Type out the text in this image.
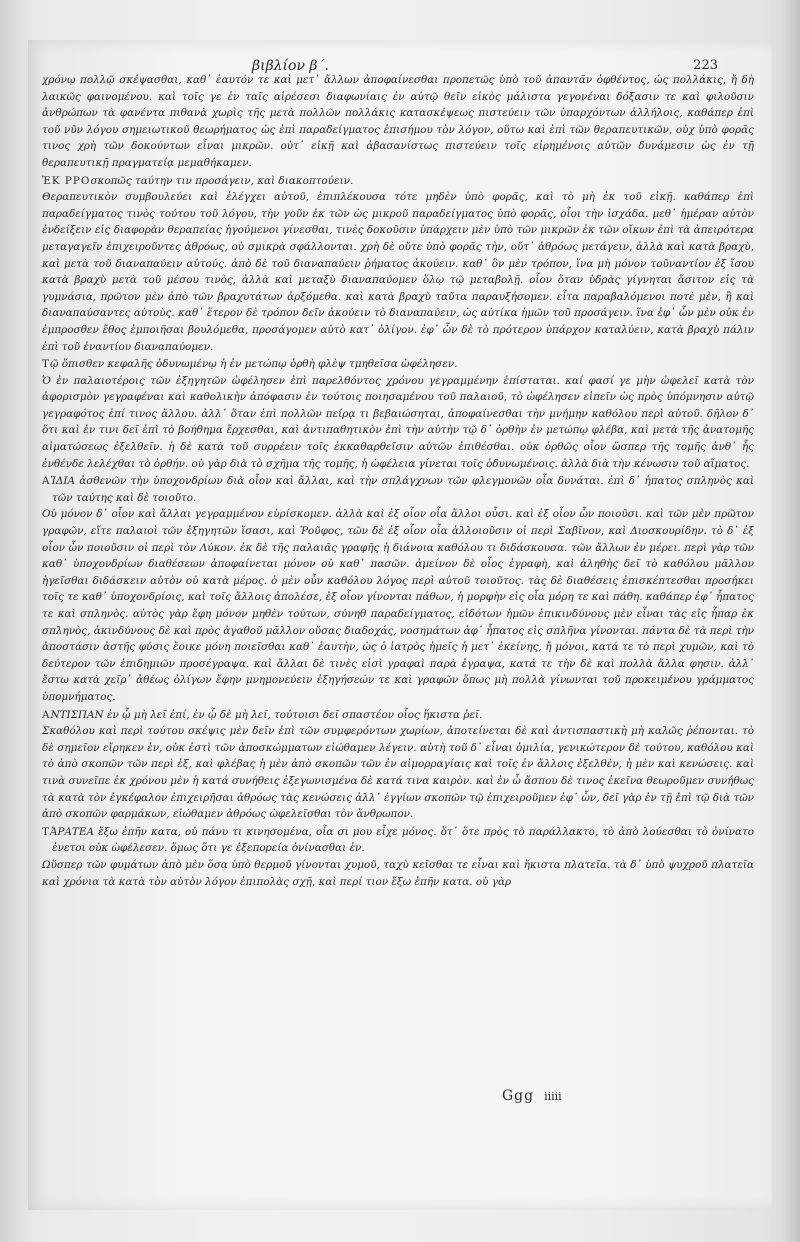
βιβλίον β΄.	223

χρόνῳ πολλῷ σκέψασθαι, καθ᾽ ἑαυτόν τε καὶ μετ᾽ ἄλλων ἀποφαίνεσθαι προπετῶς ὑπὸ τοῦ ἀπαντᾶν ὀφθέντος, ὡς πολλάκις, ἤ δὴ λαικῶς φαινομένου. καὶ τοῖς γε ἐν ταῖς αἱρέσεσι διαφωνίαις ἐν αὐτῷ θεῖν εἰκὸς μάλιστα γεγονέναι δόξασιν τε καὶ φιλοῦσιν ἀνθρώπων τὰ φανέντα πιθανὰ χωρὶς τῆς μετὰ πολλῶν πολλάκις κατασκέψεως πιστεύειν τῶν ὑπαρχόντων ἀλλήλοις, καθάπερ ἐπὶ τοῦ νῦν λόγου σημειωτικοῦ θεωρήματος ὡς ἐπὶ παραδείγματος ἐπισήμου τὸν λόγον, οὕτω καὶ ἐπὶ τῶν θεραπευτικῶν, οὐχ ὑπὸ φορᾶς τινος χρὴ τῶν δοκούντων εἶναι μικρῶν. οὐτ᾽ εἰκῇ καὶ ἀβασανίστως πιστεύειν τοῖς εἰρημένοις αὐτῶν δυνάμεσιν ὡς ἐν τῇ θεραπευτικῇ πραγματείᾳ μεμαθήκαμεν.

ἘΚ ΡΡΟσκοπῶς ταύτην τιν προσάγειν, καὶ διακοπτούειν.

Θεραπευτικὸν συμβουλεύει καὶ ἐλέγχει αὐτοῦ, ἐπιπλέκουσα τότε μηδὲν ὑπὸ φορᾶς, καὶ τὸ μὴ ἐκ τοῦ εἰκῇ. καθάπερ ἐπὶ παραδείγματος τινὸς τούτου τοῦ λόγου, τὴν γοῦν ἐκ τῶν ὡς μικροῦ παραδείγματος ὑπὸ φορᾶς, οἷοι τὴν ἰσχάδα. μεθ᾽ ἡμέραν αὐτὸν ἐνδείξειν εἰς διαφορὰν θεραπείας ἡγούμενοι γίνεσθαι, τινὲς δοκοῦσιν ὑπάρχειν μὲν ὑπὸ τῶν μικρῶν ἐκ τῶν οἴκων ἐπὶ τὰ ἀπειρότερα μεταγαγεῖν ἐπιχειροῦντες ἀθρόως, οὐ σμικρὰ σφάλλονται. χρὴ δὲ οὔτε ὑπὸ φορᾶς τὴν, οὔτ᾽ ἀθρόως μετάγειν, ἀλλὰ καὶ κατὰ βραχὺ, καὶ μετὰ τοῦ διαναπαύειν αὐτούς. ἀπὸ δὲ τοῦ διαναπαύειν ῥήματος ἀκούειν. καθ᾽ ὃν μὲν τρόπον, ἵνα μὴ μόνον τοῦναντίον ἐξ ἴσου κατὰ βραχὺ μετὰ τοῦ μέσου τινὸς, ἀλλὰ καὶ μεταξὺ διαναπαύομεν ὅλῳ τῷ μεταβολῇ. οἷον ὅταν ὑδρὰς γίγνηται ἄσιτον εἰς τὰ γυμνάσια, πρῶτον μὲν ἀπὸ τῶν βραχυτάτων ἀρξόμεθα. καὶ κατὰ βραχὺ ταῦτα παραυξήσομεν. εἶτα παραβαλόμενοι ποτὲ μὲν, ἢ καὶ διαναπαύσαντες αὐτοὺς. καθ᾽ ἕτερον δὲ τρόπον δεῖν ἀκούειν τὸ διαναπαύειν, ὡς αὐτίκα ἡμῶν τοῦ προσάγειν. ἵνα ἐφ᾽ ὧν μὲν οὐκ ἐν ἐμπροσθεν ἔθος ἐμποιῆσαι βουλόμεθα, προσάγομεν αὐτὸ κατ᾽ ὀλίγον. ἐφ᾽ ὧν δὲ τὸ πρότερον ὑπάρχον καταλύειν, κατὰ βραχὺ πάλιν ἐπὶ τοῦ ἐναντίου διαναπαύομεν.

Τῷ ὄπισθεν κεφαλῆς ὀδυνωμένῳ ἡ ἐν μετώπῳ ὀρθὴ φλὲψ τμηθεῖσα ὠφέλησεν.

Ὁ ἐν παλαιοτέροις τῶν ἐξηγητῶν ὠφέλησεν ἐπὶ παρελθόντος χρόνου γεγραμμένην ἐπίσταται. καί φασί γε μὴν ὠφελεῖ κατὰ τὸν ἀφορισμὸν γεγραφέναι καὶ καθολικὴν ἀπόφασιν ἐν τούτοις ποιησαμένου τοῦ παλαιοῦ, τὸ ὠφέλησεν εἰπεῖν ὡς πρὸς ὑπόμνησιν αὐτῷ γεγραφότος ἐπί τινος ἄλλου. ἀλλ᾽ ὅταν ἐπὶ πολλῶν πείρᾳ τι βεβαιώσηται, ἀποφαίνεσθαι τὴν μνήμην καθόλου περὶ αὐτοῦ. δῆλον δ᾽ ὅτι καὶ ἐν τινι δεῖ ἐπὶ τὸ βοήθημα ἔρχεσθαι, καὶ ἀντιπαθητικὸν ἐπὶ τὴν αὐτὴν τῷ δ᾽ ὀρθὴν ἐν μετώπῳ φλέβα, καὶ μετὰ τῆς ἀνατομῆς αἰματώσεως ἐξελθεῖν. ἡ δὲ κατὰ τοῦ συρρέειν τοῖς ἐκκαθαρθεῖσιν αὐτῶν ἐπιθέσθαι. οὐκ ὀρθῶς οἷον ὥσπερ τῆς τομῆς ἀνθ᾽ ἧς ἐνθένδε λελέχθαι τὸ ὀρθήν. οὐ γὰρ διὰ τὸ σχῆμα τῆς τομῆς, ἡ ὠφέλεια γίνεται τοῖς ὀδυνωμένοις. ἀλλὰ διὰ τὴν κένωσιν τοῦ αἵματος.

ΑἹΔΙΑ ἀσθενῶν τὴν ὑποχονδρίων διὰ οἷον καὶ ἄλλαι, καὶ τὴν σπλάγχνων τῶν φλεγμονῶν οἷα δυνάται. ἐπὶ δ᾽ ἠπατος σπληνὸς καὶ τῶν ταύτης καὶ δὲ τοιοῦτο.

Οὐ μόνον δ᾽ οἷον καὶ ἄλλαι γεγραμμένον εὑρίσκομεν. ἀλλὰ καὶ ἐξ οἷον οἷα ἄλλοι οὖσι. καὶ ἐξ οἷον ὧν ποιοῦσι. καὶ τῶν μὲν πρῶτον γραφῶν, εἴτε παλαιοὶ τῶν ἐξηγητῶν ἴσασι, καὶ Ῥοῦφος, τῶν δὲ ἐξ οἷον οἷα ἀλλοιοῦσιν οἱ περὶ Σαβῖνον, καὶ Διοσκουρίδην. τὸ δ᾽ ἐξ οἷον ὧν ποιοῦσιν οἱ περὶ τὸν Λύκον. ἐκ δὲ τῆς παλαιᾶς γραφῆς ἡ διάνοια καθόλου τι διδάσκουσα. τῶν ἄλλων ἐν μέρει. περὶ γὰρ τῶν καθ᾽ ὑποχονδρίων διαθέσεων ἀποφαίνεται μόνον οὐ καθ᾽ πασῶν. ἀμείνον δὲ οἷος ἐγραφὴ, καὶ ἀληθὴς δεῖ τὸ καθόλου μᾶλλον ἡγεῖσθαι διδάσκειν αὐτὸν οὐ κατὰ μέρος. ὁ μὲν οὖν καθόλου λόγος περὶ αὐτοῦ τοιοῦτος. τὰς δὲ διαθέσεις ἐπισκέπτεσθαι προσήκει τοῖς τε καθ᾽ ὑποχονδρίοις, καὶ τοῖς ἄλλοις ἀπολέσε, ἐξ οἷον γίνονται πάθων, ἡ μορφὴν εἰς οἷα μόρη τε καὶ πάθη. καθάπερ ἐφ᾽ ἧπατος τε καὶ σπληνὸς. αὐτὸς γὰρ ἔφη μόνον μηθὲν τούτων, σύνηθ παραδείγματος, εἰδότων ἡμῶν ἐπικινδύνους μὲν εἶναι τὰς εἰς ἧπαρ ἐκ σπληνὸς, ἀκινδύνους δὲ καὶ πρὸς ἀγαθοῦ μᾶλλον οὔσας διαδοχάς, νοσημάτων ἀφ᾽ ἧπατος εἰς σπλῆνα γίνονται. πάντα δὲ τὰ περὶ τὴν ἀποστάσιν ἀστῆς φύσις ἔοικε μόνη ποιεῖσθαι καθ᾽ ἑαυτὴν, ὡς ὁ ἰατρὸς ἡμεῖς ἡ μετ᾽ ἐκείνης, ἤ μόνοι, κατά τε τὸ περὶ χυμῶν, καὶ τὸ δεύτερον τῶν ἐπιδημιῶν προσέγραψα. καὶ ἄλλαι δὲ τινὲς εἰσὶ γραφαὶ παρὰ ἐγραψα, κατά τε τὴν δὲ καὶ πολλὰ ἄλλα φησιν. ἀλλ᾽ ἔστω κατὰ χεῖρ᾽ ἀθέως ὀλίγων ἔφην μνημονεύειν ἐξηγήσεών τε καὶ γραφῶν ὅπως μὴ πολλὰ γίνωνται τοῦ προκειμένου γράμματος ὑπομνήματος.

ΑΝΤΙΣΠΑΝ ἐν ᾧ μὴ λεῖ ἐπί, ἐν ᾧ δὲ μὴ λεῖ, τούτοισι δεῖ σπαστέον οἷος ἥκιστα ῥεῖ.

Σκαθόλου καὶ περὶ τούτου σκέψις μὲν δεῖν ἐπὶ τῶν συμφερόντων χωρίων, ἀποτείνεται δὲ καὶ ἀντισπαστικὴ μὴ καλῶς ῥέπονται. τὸ δὲ σημεῖον εἴρηκεν ἐν, οὐκ ἐστὶ τῶν ἀποσκώμματων εἰώθαμεν λέγειν. αὐτὴ τοῦ δ᾽ εἶναι ὁμιλία, γενικώτερον δὲ τούτου, καθόλου καὶ τὸ ἀπὸ σκοπῶν τῶν περὶ ἐξ, καὶ φλέβας ἡ μὲν ἀπὸ σκοπῶν τῶν ἐν αἱμορραγίαις καὶ τοῖς ἐν ἄλλοις ἐξελθὲν, ἡ μὲν καὶ κενώσεις. καὶ τινὰ συνεῖπε ἐκ χρόνου μὲν ἡ κατά συνήθεις ἐξεγωνισμένα δὲ κατά τινα καιρὸν. καὶ ἐν ὧ ἄσπου δὲ τινος ἐκεῖνα θεωροῦμεν συνήθως τὰ κατὰ τὸν ἐγκέφαλον ἐπιχειρῆσαι ἀθρόως τὰς κενώσεις ἀλλ᾽ ἐγγίων σκοπῶν τῷ ἐπιχειροῦμεν ἐφ᾽ ὧν, δεῖ γὰρ ἐν τῇ ἐπὶ τῷ διὰ τῶν ἀπὸ σκοπῶν φαρμάκων, εἰώθαμεν ἀθρόως ὠφελεῖσθαι τὸν ἄνθρωπον.

ΤἈΡΑΤΕΑ ἔξω ἐπῆν κατα, οὐ πάνυ τι κινησομένα, οἷα σι μου εἶχε μόνος. ὅτ᾽ ὅτε πρὸς τὸ παράλλακτο, τὸ ἀπὸ λούεσθαι τὸ ὀνίνατο ἐνετοι οὐκ ὠφέλεσεν. ὅμως ὅτι γε ἐξεπορεία ὀνίνασθαι ἐν.

Ωὕσπερ τῶν φυμάτων ἀπὸ μὲν ὅσα ὑπὸ θερμοῦ γίνονται χυμοῦ, ταχὺ κεῖσθαι τε εἶναι καὶ ἥκιστα πλατεῖα. τὰ δ᾽ ὑπὸ ψυχροῦ πλατεῖα καὶ χρόνια τὰ κατὰ τὸν αὐτὸν λόγον ἐπιπολὰς σχῇ, καὶ περί τιον ἔξω ἐπῆν κατα. οὐ γὰρ

Ggg iiiii
